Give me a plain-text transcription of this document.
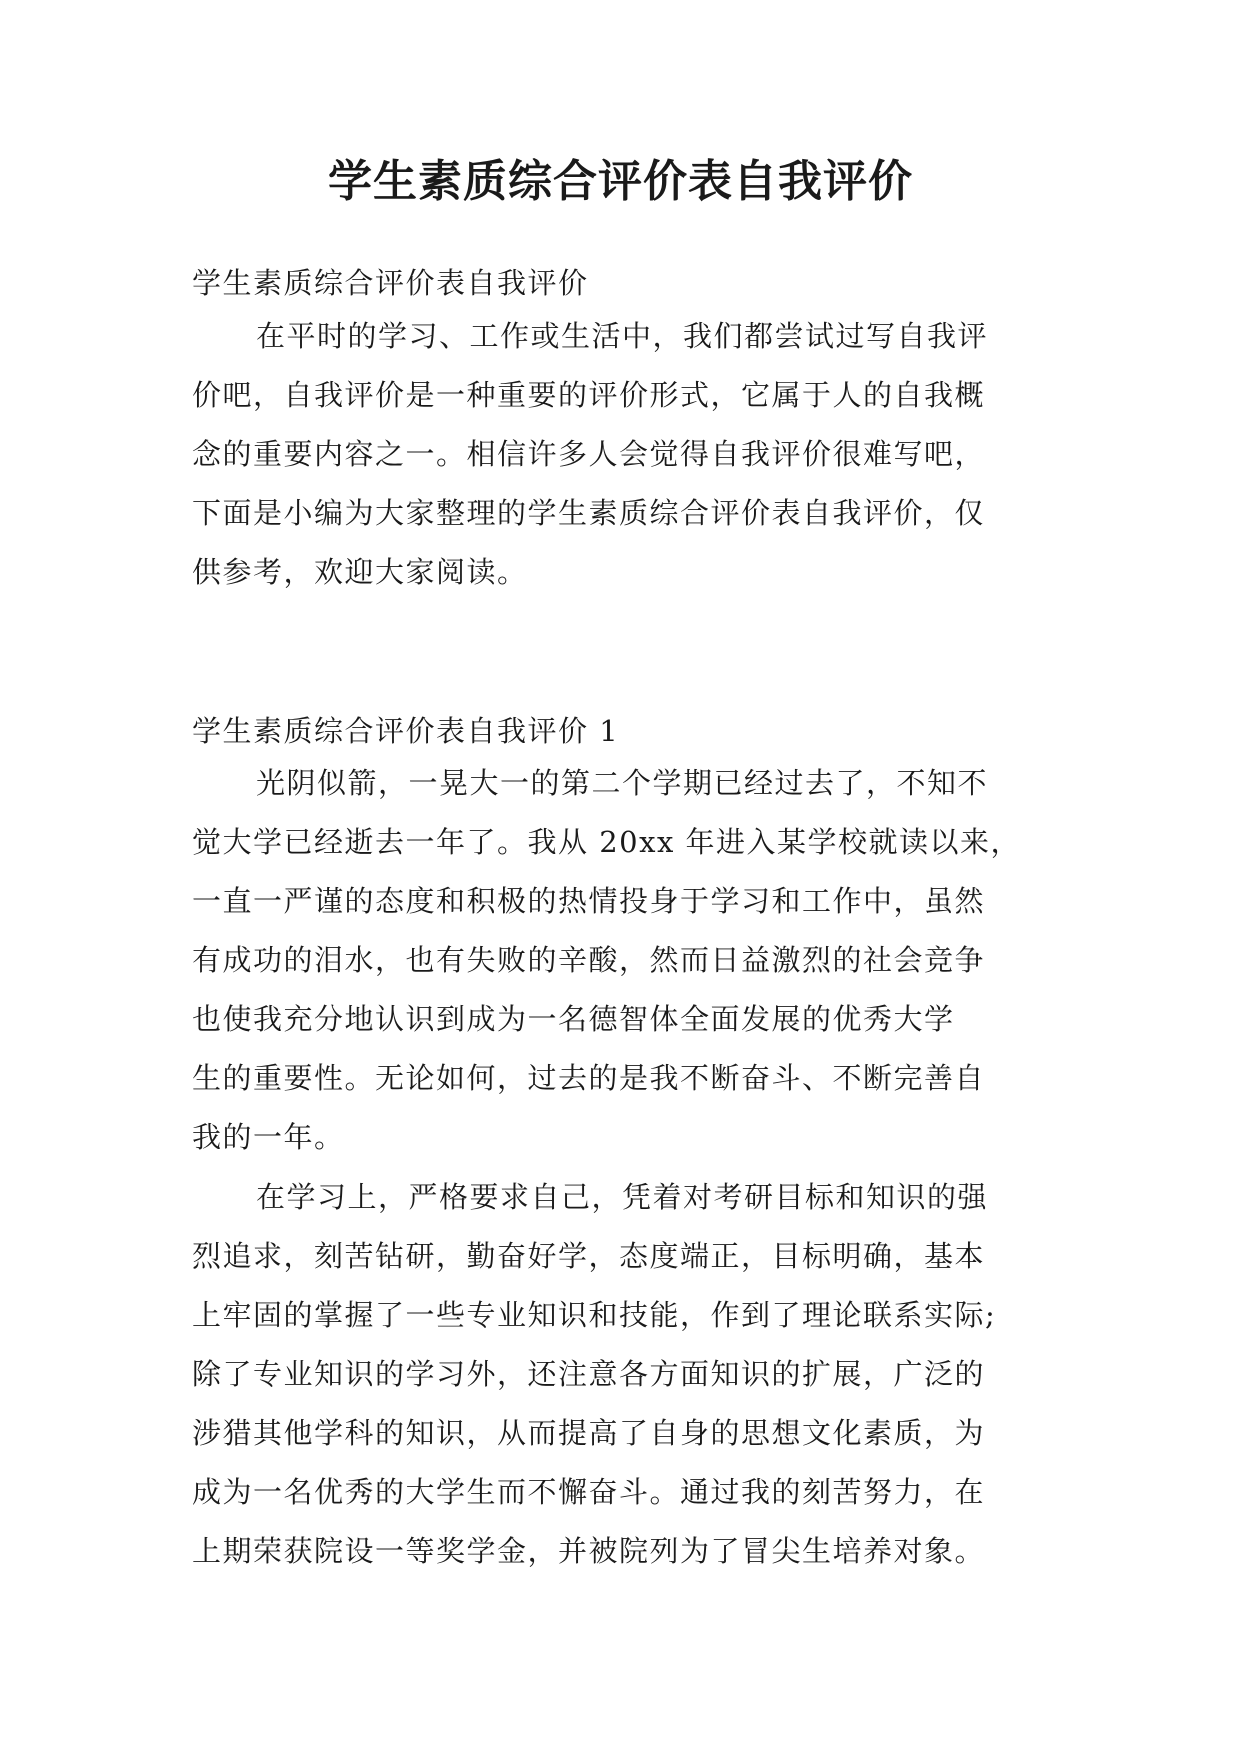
学生素质综合评价表自我评价
学生素质综合评价表自我评价
在平时的学习、工作或生活中，我们都尝试过写自我评
价吧，自我评价是一种重要的评价形式，它属于人的自我概
念的重要内容之一。相信许多人会觉得自我评价很难写吧，
下面是小编为大家整理的学生素质综合评价表自我评价，仅
供参考，欢迎大家阅读。
学生素质综合评价表自我评价 1
光阴似箭，一晃大一的第二个学期已经过去了，不知不
觉大学已经逝去一年了。我从 20xx 年进入某学校就读以来，
一直一严谨的态度和积极的热情投身于学习和工作中，虽然
有成功的泪水，也有失败的辛酸，然而日益激烈的社会竞争
也使我充分地认识到成为一名德智体全面发展的优秀大学
生的重要性。无论如何，过去的是我不断奋斗、不断完善自
我的一年。
在学习上，严格要求自己，凭着对考研目标和知识的强
烈追求，刻苦钻研，勤奋好学，态度端正，目标明确，基本
上牢固的掌握了一些专业知识和技能，作到了理论联系实际;
除了专业知识的学习外，还注意各方面知识的扩展，广泛的
涉猎其他学科的知识，从而提高了自身的思想文化素质，为
成为一名优秀的大学生而不懈奋斗。通过我的刻苦努力，在
上期荣获院设一等奖学金，并被院列为了冒尖生培养对象。
